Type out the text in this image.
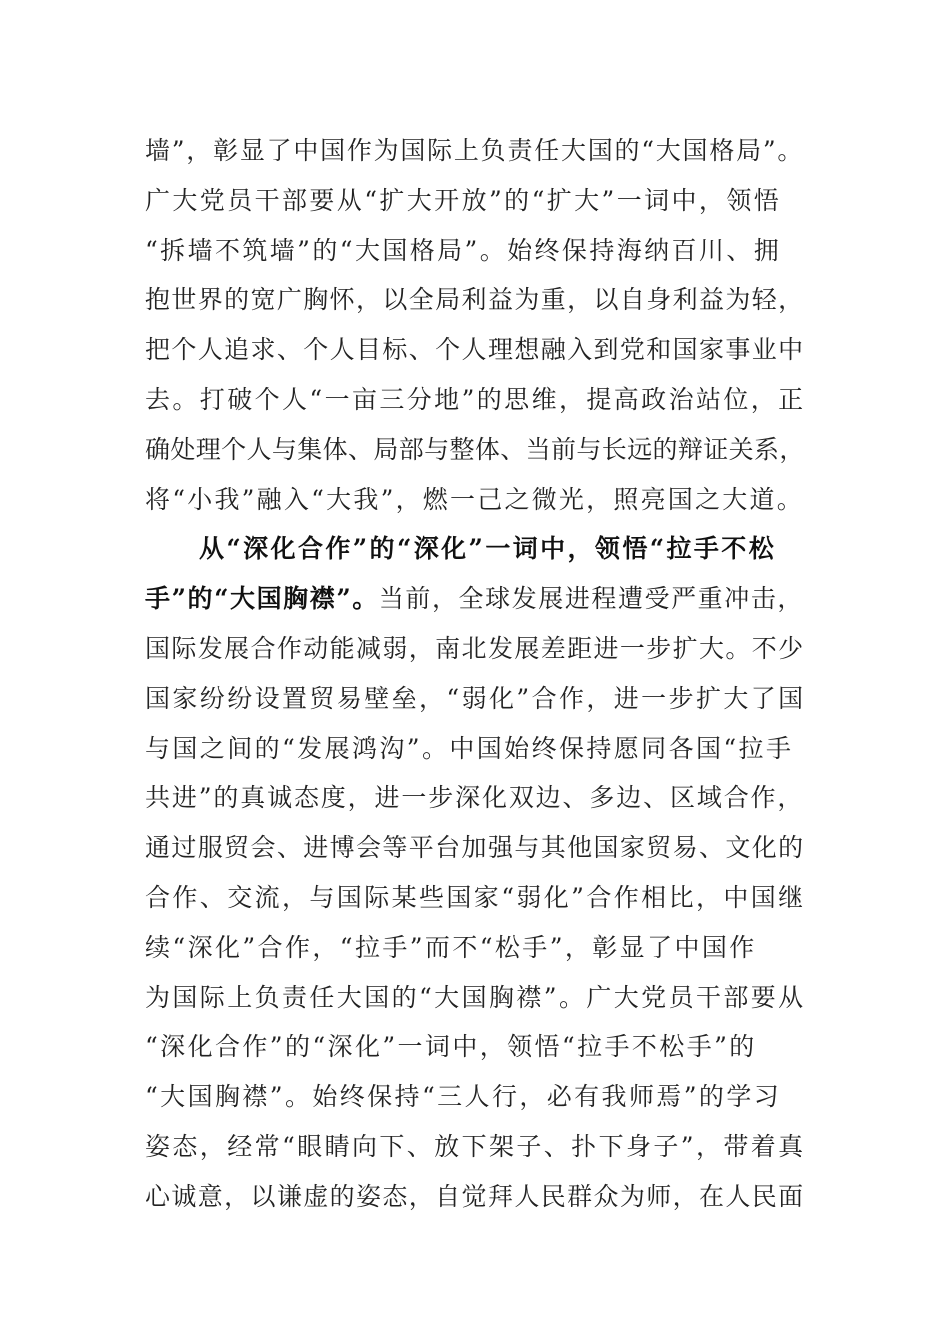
墙”，彰显了中国作为国际上负责任大国的“大国格局”。
广大党员干部要从“扩大开放”的“扩大”一词中，领悟
“拆墙不筑墙”的“大国格局”。始终保持海纳百川、拥
抱世界的宽广胸怀，以全局利益为重，以自身利益为轻，
把个人追求、个人目标、个人理想融入到党和国家事业中
去。打破个人“一亩三分地”的思维，提高政治站位，正
确处理个人与集体、局部与整体、当前与长远的辩证关系，
将“小我”融入“大我”，燃一己之微光，照亮国之大道。
从“深化合作”的“深化”一词中，领悟“拉手不松
手”的“大国胸襟”。当前，全球发展进程遭受严重冲击，
国际发展合作动能减弱，南北发展差距进一步扩大。不少
国家纷纷设置贸易壁垒，“弱化”合作，进一步扩大了国
与国之间的“发展鸿沟”。中国始终保持愿同各国“拉手
共进”的真诚态度，进一步深化双边、多边、区域合作，
通过服贸会、进博会等平台加强与其他国家贸易、文化的
合作、交流，与国际某些国家“弱化”合作相比，中国继
续“深化”合作，“拉手”而不“松手”，彰显了中国作
为国际上负责任大国的“大国胸襟”。广大党员干部要从
“深化合作”的“深化”一词中，领悟“拉手不松手”的
“大国胸襟”。始终保持“三人行，必有我师焉”的学习
姿态，经常“眼睛向下、放下架子、扑下身子”，带着真
心诚意，以谦虚的姿态，自觉拜人民群众为师，在人民面
